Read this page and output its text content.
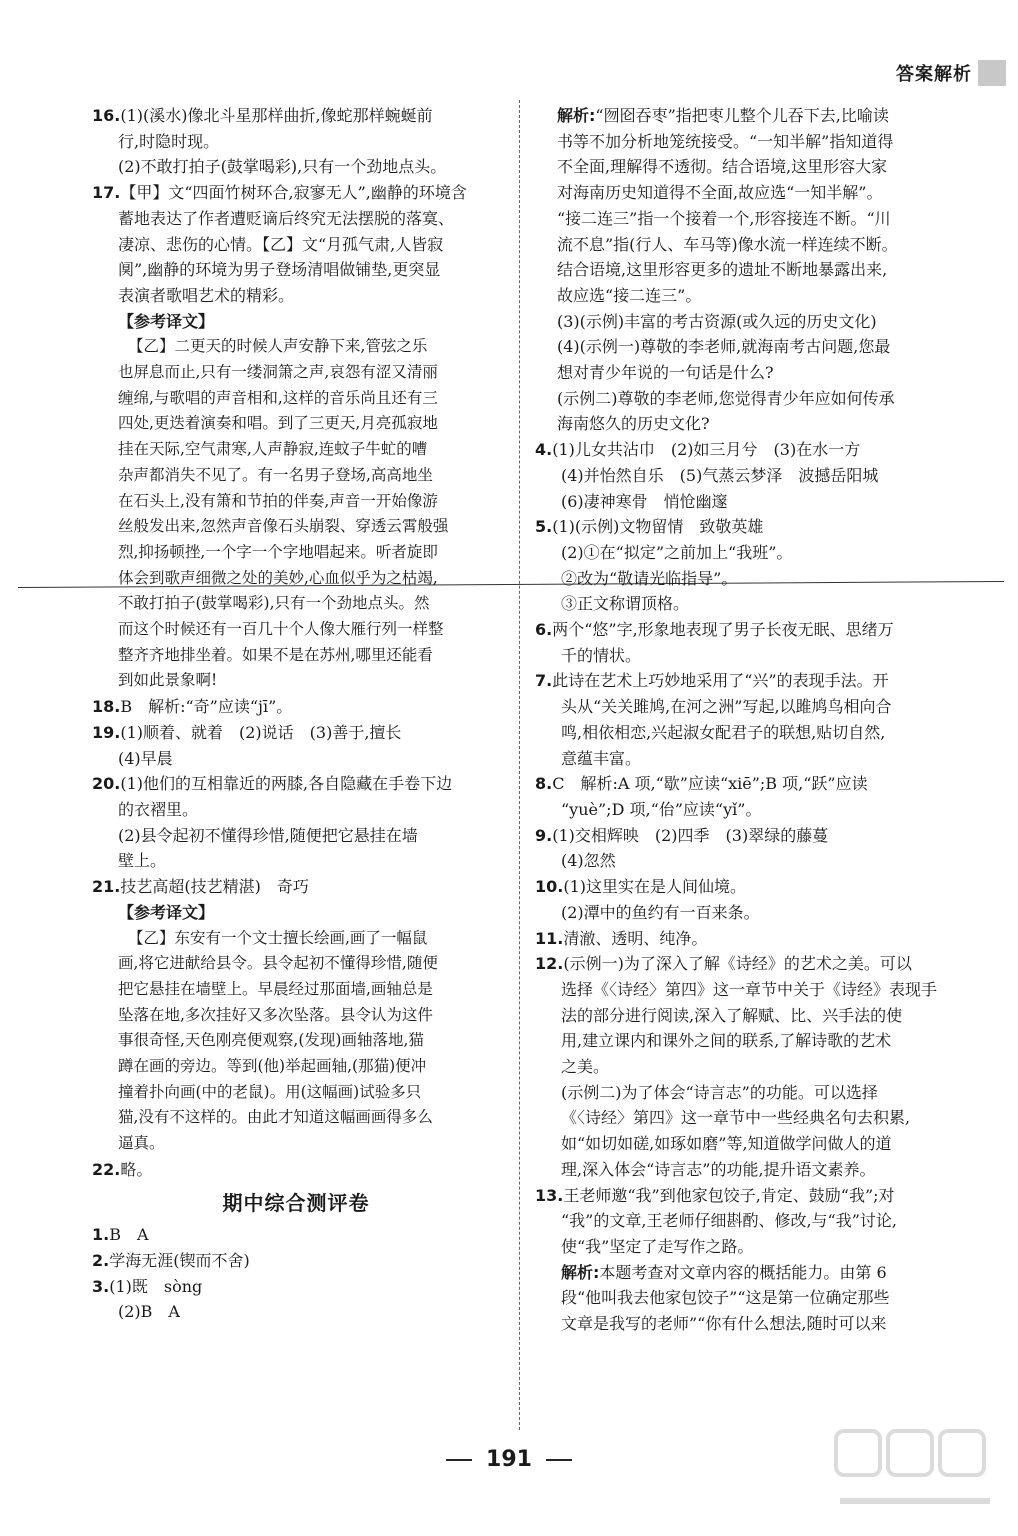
答案解析
16.(1)(溪水)像北斗星那样曲折,像蛇那样蜿蜒前
行,时隐时现。
(2)不敢打拍子(鼓掌喝彩),只有一个劲地点头。
17.【甲】文“四面竹树环合,寂寥无人”,幽静的环境含
蓄地表达了作者遭贬谪后终究无法摆脱的落寞、
凄凉、悲伤的心情。【乙】文“月孤气肃,人皆寂
阒”,幽静的环境为男子登场清唱做铺垫,更突显
表演者歌唱艺术的精彩。
【参考译文】
【乙】二更天的时候人声安静下来,管弦之乐
也屏息而止,只有一缕洞箫之声,哀怨有涩又清丽
缠绵,与歌唱的声音相和,这样的音乐尚且还有三
四处,更迭着演奏和唱。到了三更天,月亮孤寂地
挂在天际,空气肃寒,人声静寂,连蚊子牛虻的嘈
杂声都消失不见了。有一名男子登场,高高地坐
在石头上,没有箫和节拍的伴奏,声音一开始像游
丝般发出来,忽然声音像石头崩裂、穿透云霄般强
烈,抑扬顿挫,一个字一个字地唱起来。听者旋即
体会到歌声细微之处的美妙,心血似乎为之枯竭,
不敢打拍子(鼓掌喝彩),只有一个劲地点头。然
而这个时候还有一百几十个人像大雁行列一样整
整齐齐地排坐着。如果不是在苏州,哪里还能看
到如此景象啊!
18.B　解析:“奇”应读“jī”。
19.(1)顺着、就着　(2)说话　(3)善于,擅长
(4)早晨
20.(1)他们的互相靠近的两膝,各自隐藏在手卷下边
的衣褶里。
(2)县令起初不懂得珍惜,随便把它悬挂在墙
壁上。
21.技艺高超(技艺精湛)　奇巧
【参考译文】
【乙】东安有一个文士擅长绘画,画了一幅鼠
画,将它进献给县令。县令起初不懂得珍惜,随便
把它悬挂在墙壁上。早晨经过那面墙,画轴总是
坠落在地,多次挂好又多次坠落。县令认为这件
事很奇怪,天色刚亮便观察,(发现)画轴落地,猫
蹲在画的旁边。等到(他)举起画轴,(那猫)便冲
撞着扑向画(中的老鼠)。用(这幅画)试验多只
猫,没有不这样的。由此才知道这幅画画得多么
逼真。
22.略。
期中综合测评卷
1.B　A
2.学海无涯(锲而不舍)
3.(1)既　sòng
(2)B　A
解析:“囫囵吞枣”指把枣儿整个儿吞下去,比喻读
书等不加分析地笼统接受。“一知半解”指知道得
不全面,理解得不透彻。结合语境,这里形容大家
对海南历史知道得不全面,故应选“一知半解”。
“接二连三”指一个接着一个,形容接连不断。“川
流不息”指(行人、车马等)像水流一样连续不断。
结合语境,这里形容更多的遗址不断地暴露出来,
故应选“接二连三”。
(3)(示例)丰富的考古资源(或久远的历史文化)
(4)(示例一)尊敬的李老师,就海南考古问题,您最
想对青少年说的一句话是什么?
(示例二)尊敬的李老师,您觉得青少年应如何传承
海南悠久的历史文化?
4.(1)儿女共沾巾　(2)如三月兮　(3)在水一方
(4)并怡然自乐　(5)气蒸云梦泽　波撼岳阳城
(6)凄神寒骨　悄怆幽邃
5.(1)(示例)文物留情　致敬英雄
(2)①在“拟定”之前加上“我班”。
②改为“敬请光临指导”。
③正文称谓顶格。
6.两个“悠”字,形象地表现了男子长夜无眠、思绪万
千的情状。
7.此诗在艺术上巧妙地采用了“兴”的表现手法。开
头从“关关雎鸠,在河之洲”写起,以雎鸠鸟相向合
鸣,相依相恋,兴起淑女配君子的联想,贴切自然,
意蕴丰富。
8.C　解析:A 项,“歇”应读“xiē”;B 项,“跃”应读
“yuè”;D 项,“佁”应读“yǐ”。
9.(1)交相辉映　(2)四季　(3)翠绿的藤蔓
(4)忽然
10.(1)这里实在是人间仙境。
(2)潭中的鱼约有一百来条。
11.清澈、透明、纯净。
12.(示例一)为了深入了解《诗经》的艺术之美。可以
选择《〈诗经〉第四》这一章节中关于《诗经》表现手
法的部分进行阅读,深入了解赋、比、兴手法的使
用,建立课内和课外之间的联系,了解诗歌的艺术
之美。
(示例二)为了体会“诗言志”的功能。可以选择
《〈诗经〉第四》这一章节中一些经典名句去积累,
如“如切如磋,如琢如磨”等,知道做学问做人的道
理,深入体会“诗言志”的功能,提升语文素养。
13.王老师邀“我”到他家包饺子,肯定、鼓励“我”;对
“我”的文章,王老师仔细斟酌、修改,与“我”讨论,
使“我”坚定了走写作之路。
解析:本题考查对文章内容的概括能力。由第 6
段“他叫我去他家包饺子”“这是第一位确定那些
文章是我写的老师”“你有什么想法,随时可以来
191
